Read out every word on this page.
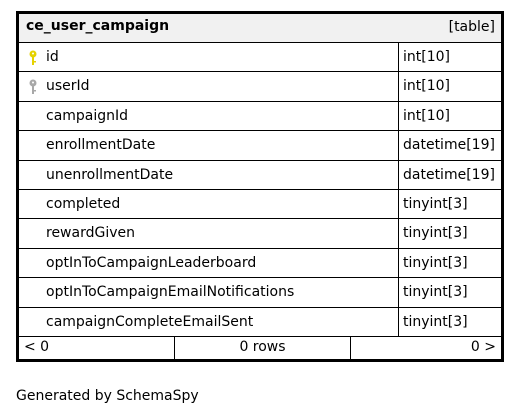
ce_user_campaign	[table]
id	int[10]
userId	int[10]
campaignId	int[10]
enrollmentDate	datetime[19]
unenrollmentDate	datetime[19]
completed	tinyint[3]
rewardGiven	tinyint[3]
optInToCampaignLeaderboard	tinyint[3]
optInToCampaignEmailNotifications	tinyint[3]
campaignCompleteEmailSent	tinyint[3]
< 0	0 rows	0 >
Generated by SchemaSpy
